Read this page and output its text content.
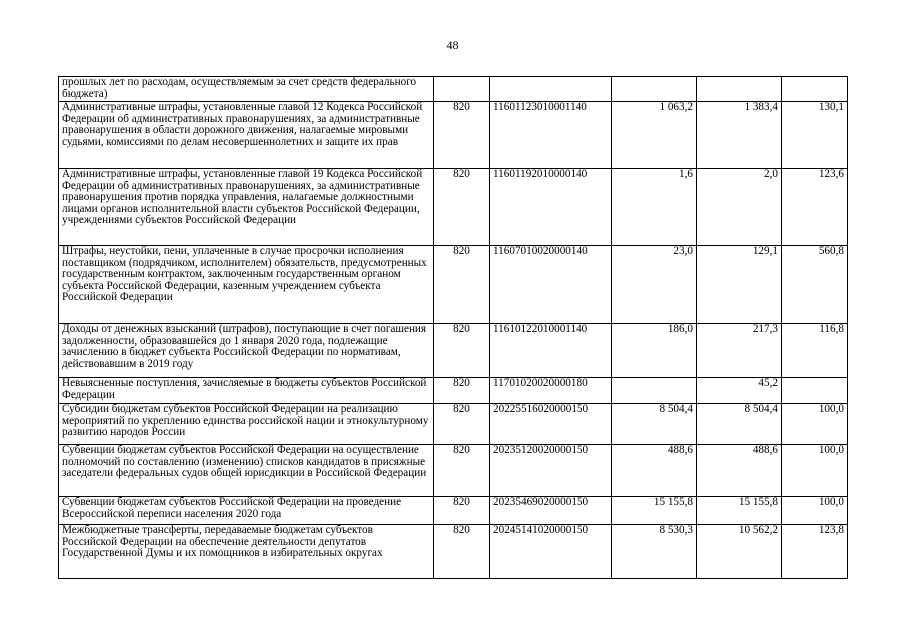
48
прошлых лет по расходам, осуществляемым за счет средств федерального бюджета)					
Административные штрафы, установленные главой 12 Кодекса Российской Федерации об административных правонарушениях, за административные правонарушения в области дорожного движения, налагаемые мировыми судьями, комиссиями по делам несовершеннолетних и защите их прав	820	11601123010001140	1 063,2	1 383,4	130,1
Административные штрафы, установленные главой 19 Кодекса Российской Федерации об административных правонарушениях, за административные правонарушения против порядка управления, налагаемые должностными лицами органов исполнительной власти субъектов Российской Федерации, учреждениями субъектов Российской Федерации	820	11601192010000140	1,6	2,0	123,6
Штрафы, неустойки, пени, уплаченные в случае просрочки исполнения поставщиком (подрядчиком, исполнителем) обязательств, предусмотренных государственным контрактом, заключенным государственным органом субъекта Российской Федерации, казенным учреждением субъекта Российской Федерации	820	11607010020000140	23,0	129,1	560,8
Доходы от денежных взысканий (штрафов), поступающие в счет погашения задолженности, образовавшейся до 1 января 2020 года, подлежащие зачислению в бюджет субъекта Российской Федерации по нормативам, действовавшим в 2019 году	820	11610122010001140	186,0	217,3	116,8
Невыясненные поступления, зачисляемые в бюджеты субъектов Российской Федерации	820	11701020020000180		45,2	
Субсидии бюджетам субъектов Российской Федерации на реализацию мероприятий по укреплению единства российской нации и этнокультурному развитию народов России	820	20225516020000150	8 504,4	8 504,4	100,0
Субвенции бюджетам субъектов Российской Федерации на осуществление полномочий по составлению (изменению) списков кандидатов в присяжные заседатели федеральных судов общей юрисдикции в Российской Федерации	820	20235120020000150	488,6	488,6	100,0
Субвенции бюджетам субъектов Российской Федерации на проведение Всероссийской переписи населения 2020 года	820	20235469020000150	15 155,8	15 155,8	100,0
Межбюджетные трансферты, передаваемые бюджетам субъектов Российской Федерации на обеспечение деятельности депутатов Государственной Думы и их помощников в избирательных округах	820	20245141020000150	8 530,3	10 562,2	123,8
